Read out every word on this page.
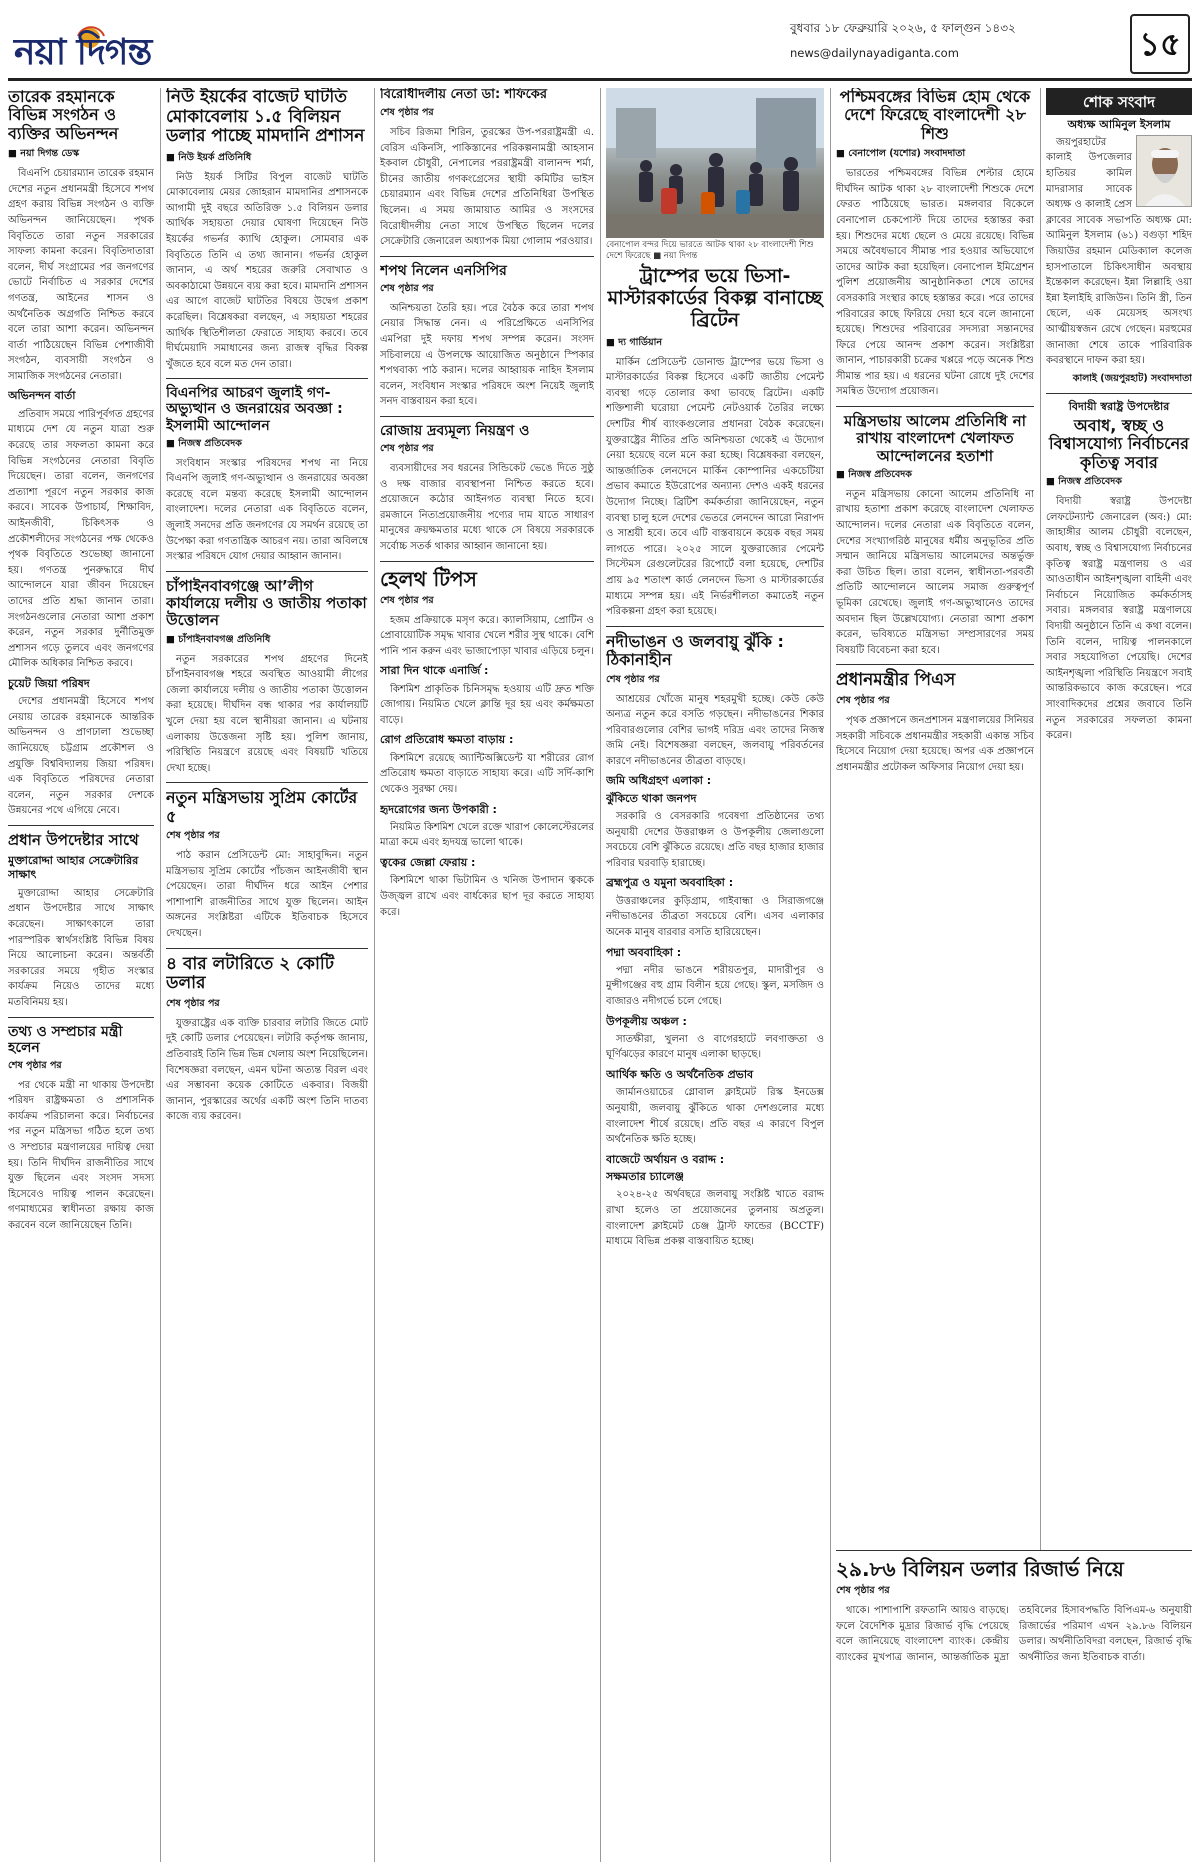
নয়া দিগন্ত
বুধবার ১৮ ফেব্রুয়ারি ২০২৬, ৫ ফাল্গুন ১৪৩২
news@dailynayadiganta.com	১৫
তারেক রহমানকে বিভিন্ন সংগঠন ও ব্যক্তির অভিনন্দন
■ নয়া দিগন্ত ডেস্ক

বিএনপি চেয়ারম্যান তারেক রহমান দেশের নতুন প্রধানমন্ত্রী হিসেবে শপথ গ্রহণ করায় বিভিন্ন সংগঠন ও ব্যক্তি অভিনন্দন জানিয়েছেন। পৃথক বিবৃতিতে তারা নতুন সরকারের সাফল্য কামনা করেন। বিবৃতিদাতারা বলেন, দীর্ঘ সংগ্রামের পর জনগণের ভোটে নির্বাচিত এ সরকার দেশের গণতন্ত্র, আইনের শাসন ও অর্থনৈতিক অগ্রগতি নিশ্চিত করবে বলে তারা আশা করেন। অভিনন্দন বার্তা পাঠিয়েছেন বিভিন্ন পেশাজীবী সংগঠন, ব্যবসায়ী সংগঠন ও সামাজিক সংগঠনের নেতারা।

অভিনন্দন বার্তা

প্রতিবাদ সময়ে পারিপূর্বগত গ্রহণের মাধ্যমে দেশ যে নতুন যাত্রা শুরু করেছে তার সফলতা কামনা করে বিভিন্ন সংগঠনের নেতারা বিবৃতি দিয়েছেন। তারা বলেন, জনগণের প্রত্যাশা পূরণে নতুন সরকার কাজ করবে। সাবেক উপাচার্য, শিক্ষাবিদ, আইনজীবী, চিকিৎসক ও প্রকৌশলীদের সংগঠনের পক্ষ থেকেও পৃথক বিবৃতিতে শুভেচ্ছা জানানো হয়। গণতন্ত্র পুনরুদ্ধারে দীর্ঘ আন্দোলনে যারা জীবন দিয়েছেন তাদের প্রতি শ্রদ্ধা জানান তারা। সংগঠনগুলোর নেতারা আশা প্রকাশ করেন, নতুন সরকার দুর্নীতিমুক্ত প্রশাসন গড়ে তুলবে এবং জনগণের মৌলিক অধিকার নিশ্চিত করবে।

চুয়েট জিয়া পরিষদ

দেশের প্রধানমন্ত্রী হিসেবে শপথ নেয়ায় তারেক রহমানকে আন্তরিক অভিনন্দন ও প্রাণঢালা শুভেচ্ছা জানিয়েছে চট্টগ্রাম প্রকৌশল ও প্রযুক্তি বিশ্ববিদ্যালয় জিয়া পরিষদ। এক বিবৃতিতে পরিষদের নেতারা বলেন, নতুন সরকার দেশকে উন্নয়নের পথে এগিয়ে নেবে।

প্রধান উপদেষ্টার সাথে
মুক্তারোদ্দা আহার সেক্রেটারির সাক্ষাৎ

মুক্তারোদ্দা আহার সেক্রেটারি প্রধান উপদেষ্টার সাথে সাক্ষাৎ করেছেন। সাক্ষাৎকালে তারা পারস্পরিক স্বার্থসংশ্লিষ্ট বিভিন্ন বিষয় নিয়ে আলোচনা করেন। অন্তর্বর্তী সরকারের সময়ে গৃহীত সংস্কার কার্যক্রম নিয়েও তাদের মধ্যে মতবিনিময় হয়।

তথ্য ও সম্প্রচার মন্ত্রী হলেন
শেষ পৃষ্ঠার পর

পর থেকে মন্ত্রী না থাকায় উপদেষ্টা পরিষদ রাষ্ট্রক্ষমতা ও প্রশাসনিক কার্যক্রম পরিচালনা করে। নির্বাচনের পর নতুন মন্ত্রিসভা গঠিত হলে তথ্য ও সম্প্রচার মন্ত্রণালয়ের দায়িত্ব দেয়া হয়। তিনি দীর্ঘদিন রাজনীতির সাথে যুক্ত ছিলেন এবং সংসদ সদস্য হিসেবেও দায়িত্ব পালন করেছেন। গণমাধ্যমের স্বাধীনতা রক্ষায় কাজ করবেন বলে জানিয়েছেন তিনি।

নিউ ইয়র্কের বাজেট ঘাটতি মোকাবেলায় ১.৫ বিলিয়ন ডলার পাচ্ছে মামদানি প্রশাসন
■ নিউ ইয়র্ক প্রতিনিধি

নিউ ইয়র্ক সিটির বিপুল বাজেট ঘাটতি মোকাবেলায় মেয়র জোহরান মামদানির প্রশাসনকে আগামী দুই বছরে অতিরিক্ত ১.৫ বিলিয়ন ডলার আর্থিক সহায়তা দেয়ার ঘোষণা দিয়েছেন নিউ ইয়র্কের গভর্নর ক্যাথি হোকুল। সোমবার এক বিবৃতিতে তিনি এ তথ্য জানান। গভর্নর হোকুল জানান, এ অর্থ শহরের জরুরি সেবাখাত ও অবকাঠামো উন্নয়নে ব্যয় করা হবে। মামদানি প্রশাসন এর আগে বাজেট ঘাটতির বিষয়ে উদ্বেগ প্রকাশ করেছিল। বিশ্লেষকরা বলছেন, এ সহায়তা শহরের আর্থিক স্থিতিশীলতা ফেরাতে সাহায্য করবে। তবে দীর্ঘমেয়াদি সমাধানের জন্য রাজস্ব বৃদ্ধির বিকল্প খুঁজতে হবে বলে মত দেন তারা।

বিএনপির আচরণ জুলাই গণ-অভ্যুত্থান ও জনরায়ের অবজ্ঞা : ইসলামী আন্দোলন
■ নিজস্ব প্রতিবেদক

সংবিধান সংস্কার পরিষদের শপথ না নিয়ে বিএনপি জুলাই গণ-অভ্যুত্থান ও জনরায়ের অবজ্ঞা করেছে বলে মন্তব্য করেছে ইসলামী আন্দোলন বাংলাদেশ। দলের নেতারা এক বিবৃতিতে বলেন, জুলাই সনদের প্রতি জনগণের যে সমর্থন রয়েছে তা উপেক্ষা করা গণতান্ত্রিক আচরণ নয়। তারা অবিলম্বে সংস্কার পরিষদে যোগ দেয়ার আহ্বান জানান।

চাঁপাইনবাবগঞ্জে আ’লীগ কার্যালয়ে দলীয় ও জাতীয় পতাকা উত্তোলন
■ চাঁপাইনবাবগঞ্জ প্রতিনিধি

নতুন সরকারের শপথ গ্রহণের দিনেই চাঁপাইনবাবগঞ্জ শহরে অবস্থিত আওয়ামী লীগের জেলা কার্যালয়ে দলীয় ও জাতীয় পতাকা উত্তোলন করা হয়েছে। দীর্ঘদিন বন্ধ থাকার পর কার্যালয়টি খুলে দেয়া হয় বলে স্থানীয়রা জানান। এ ঘটনায় এলাকায় উত্তেজনা সৃষ্টি হয়। পুলিশ জানায়, পরিস্থিতি নিয়ন্ত্রণে রয়েছে এবং বিষয়টি খতিয়ে দেখা হচ্ছে।

নতুন মন্ত্রিসভায় সুপ্রিম কোর্টের ৫
শেষ পৃষ্ঠার পর

পাঠ করান প্রেসিডেন্ট মো: সাহাবুদ্দিন। নতুন মন্ত্রিসভায় সুপ্রিম কোর্টের পাঁচজন আইনজীবী স্থান পেয়েছেন। তারা দীর্ঘদিন ধরে আইন পেশার পাশাপাশি রাজনীতির সাথে যুক্ত ছিলেন। আইন অঙ্গনের সংশ্লিষ্টরা এটিকে ইতিবাচক হিসেবে দেখছেন।

৪ বার লটারিতে ২ কোটি ডলার
শেষ পৃষ্ঠার পর

যুক্তরাষ্ট্রের এক ব্যক্তি চারবার লটারি জিতে মোট দুই কোটি ডলার পেয়েছেন। লটারি কর্তৃপক্ষ জানায়, প্রতিবারই তিনি ভিন্ন ভিন্ন খেলায় অংশ নিয়েছিলেন। বিশেষজ্ঞরা বলছেন, এমন ঘটনা অত্যন্ত বিরল এবং এর সম্ভাবনা কয়েক কোটিতে একবার। বিজয়ী জানান, পুরস্কারের অর্থের একটি অংশ তিনি দাতব্য কাজে ব্যয় করবেন।

বিরোধীদলীয় নেতা ডা: শফিকের
শেষ পৃষ্ঠার পর

সচিব রিজমা শিরিন, তুরস্কের উপ-পররাষ্ট্রমন্ত্রী এ. বেরিস একিনসি, পাকিস্তানের পরিকল্পনামন্ত্রী আহসান ইকবাল চৌধুরী, নেপালের পররাষ্ট্রমন্ত্রী বালানন্দ শর্মা, চীনের জাতীয় গণকংগ্রেসের স্থায়ী কমিটির ভাইস চেয়ারম্যান এবং বিভিন্ন দেশের প্রতিনিধিরা উপস্থিত ছিলেন। এ সময় জামায়াত আমির ও সংসদের বিরোধীদলীয় নেতা সাথে উপস্থিত ছিলেন দলের সেক্রেটারি জেনারেল অধ্যাপক মিয়া গোলাম পরওয়ার।

শপথ নিলেন এনসিপির
শেষ পৃষ্ঠার পর

অনিশ্চয়তা তৈরি হয়। পরে বৈঠক করে তারা শপথ নেয়ার সিদ্ধান্ত নেন। এ পরিপ্রেক্ষিতে এনসিপির এমপিরা দুই দফায় শপথ সম্পন্ন করেন। সংসদ সচিবালয়ে এ উপলক্ষে আয়োজিত অনুষ্ঠানে স্পিকার শপথবাক্য পাঠ করান। দলের আহ্বায়ক নাহিদ ইসলাম বলেন, সংবিধান সংস্কার পরিষদে অংশ নিয়েই জুলাই সনদ বাস্তবায়ন করা হবে।

রোজায় দ্রব্যমূল্য নিয়ন্ত্রণ ও
শেষ পৃষ্ঠার পর

ব্যবসায়ীদের সব ধরনের সিন্ডিকেট ভেঙে দিতে সুষ্ঠু ও দক্ষ বাজার ব্যবস্থাপনা নিশ্চিত করতে হবে। প্রয়োজনে কঠোর আইনগত ব্যবস্থা নিতে হবে। রমজানে নিত্যপ্রয়োজনীয় পণ্যের দাম যাতে সাধারণ মানুষের ক্রয়ক্ষমতার মধ্যে থাকে সে বিষয়ে সরকারকে সর্বোচ্চ সতর্ক থাকার আহ্বান জানানো হয়।

হেলথ টিপস
শেষ পৃষ্ঠার পর

হজম প্রক্রিয়াকে মসৃণ করে। ক্যালসিয়াম, প্রোটিন ও প্রোবায়োটিক সমৃদ্ধ খাবার খেলে শরীর সুস্থ থাকে। বেশি পানি পান করুন এবং ভাজাপোড়া খাবার এড়িয়ে চলুন।

সারা দিন থাকে এনার্জি :

কিশমিশ প্রাকৃতিক চিনিসমৃদ্ধ হওয়ায় এটি দ্রুত শক্তি জোগায়। নিয়মিত খেলে ক্লান্তি দূর হয় এবং কর্মক্ষমতা বাড়ে।

রোগ প্রতিরোধ ক্ষমতা বাড়ায় :

কিশমিশে রয়েছে অ্যান্টিঅক্সিডেন্ট যা শরীরের রোগ প্রতিরোধ ক্ষমতা বাড়াতে সাহায্য করে। এটি সর্দি-কাশি থেকেও সুরক্ষা দেয়।

হৃদরোগের জন্য উপকারী :

নিয়মিত কিশমিশ খেলে রক্তে খারাপ কোলেস্টেরলের মাত্রা কমে এবং হৃদযন্ত্র ভালো থাকে।

ত্বকের জেল্লা ফেরায় :

কিশমিশে থাকা ভিটামিন ও খনিজ উপাদান ত্বককে উজ্জ্বল রাখে এবং বার্ধক্যের ছাপ দূর করতে সাহায্য করে।

বেনাপোল বন্দর দিয়ে ভারতে আটক থাকা ২৮ বাংলাদেশী শিশু দেশে ফিরেছে ■ নয়া দিগন্ত
ট্রাম্পের ভয়ে ভিসা-মাস্টারকার্ডের বিকল্প বানাচ্ছে ব্রিটেন
■ দ্য গার্ডিয়ান

মার্কিন প্রেসিডেন্ট ডোনাল্ড ট্রাম্পের ভয়ে ভিসা ও মাস্টারকার্ডের বিকল্প হিসেবে একটি জাতীয় পেমেন্ট ব্যবস্থা গড়ে তোলার কথা ভাবছে ব্রিটেন। একটি শক্তিশালী ঘরোয়া পেমেন্ট নেটওয়ার্ক তৈরির লক্ষ্যে দেশটির শীর্ষ ব্যাংকগুলোর প্রধানরা বৈঠক করেছেন। যুক্তরাষ্ট্রের নীতির প্রতি অনিশ্চয়তা থেকেই এ উদ্যোগ নেয়া হয়েছে বলে মনে করা হচ্ছে। বিশ্লেষকরা বলছেন, আন্তর্জাতিক লেনদেনে মার্কিন কোম্পানির একচেটিয়া প্রভাব কমাতে ইউরোপের অন্যান্য দেশও একই ধরনের উদ্যোগ নিচ্ছে। ব্রিটিশ কর্মকর্তারা জানিয়েছেন, নতুন ব্যবস্থা চালু হলে দেশের ভেতরে লেনদেন আরো নিরাপদ ও সাশ্রয়ী হবে। তবে এটি বাস্তবায়নে কয়েক বছর সময় লাগতে পারে। ২০২৫ সালে যুক্তরাজ্যের পেমেন্ট সিস্টেমস রেগুলেটরের রিপোর্টে বলা হয়েছে, দেশটির প্রায় ৯৫ শতাংশ কার্ড লেনদেন ভিসা ও মাস্টারকার্ডের মাধ্যমে সম্পন্ন হয়। এই নির্ভরশীলতা কমাতেই নতুন পরিকল্পনা গ্রহণ করা হয়েছে।

নদীভাঙন ও জলবায়ু ঝুঁকি : ঠিকানাহীন
শেষ পৃষ্ঠার পর

আশ্রয়ের খোঁজে মানুষ শহরমুখী হচ্ছে। কেউ কেউ অন্যত্র নতুন করে বসতি গড়ছেন। নদীভাঙনের শিকার পরিবারগুলোর বেশির ভাগই দরিদ্র এবং তাদের নিজস্ব জমি নেই। বিশেষজ্ঞরা বলছেন, জলবায়ু পরিবর্তনের কারণে নদীভাঙনের তীব্রতা বাড়ছে।

জমি অধিগ্রহণ এলাকা :
ঝুঁকিতে থাকা জনপদ

সরকারি ও বেসরকারি গবেষণা প্রতিষ্ঠানের তথ্য অনুযায়ী দেশের উত্তরাঞ্চল ও উপকূলীয় জেলাগুলো সবচেয়ে বেশি ঝুঁকিতে রয়েছে। প্রতি বছর হাজার হাজার পরিবার ঘরবাড়ি হারাচ্ছে।

ব্রহ্মপুত্র ও যমুনা অববাহিকা :

উত্তরাঞ্চলের কুড়িগ্রাম, গাইবান্ধা ও সিরাজগঞ্জে নদীভাঙনের তীব্রতা সবচেয়ে বেশি। এসব এলাকার অনেক মানুষ বারবার বসতি হারিয়েছেন।

পদ্মা অববাহিকা :

পদ্মা নদীর ভাঙনে শরীয়তপুর, মাদারীপুর ও মুন্সীগঞ্জের বহু গ্রাম বিলীন হয়ে গেছে। স্কুল, মসজিদ ও বাজারও নদীগর্ভে চলে গেছে।

উপকূলীয় অঞ্চল :

সাতক্ষীরা, খুলনা ও বাগেরহাটে লবণাক্ততা ও ঘূর্ণিঝড়ের কারণে মানুষ এলাকা ছাড়ছে।

আর্থিক ক্ষতি ও অর্থনৈতিক প্রভাব

জার্মানওয়াচের গ্লোবাল ক্লাইমেট রিস্ক ইনডেক্স অনুযায়ী, জলবায়ু ঝুঁকিতে থাকা দেশগুলোর মধ্যে বাংলাদেশ শীর্ষে রয়েছে। প্রতি বছর এ কারণে বিপুল অর্থনৈতিক ক্ষতি হচ্ছে।

বাজেটে অর্থায়ন ও বরাদ্দ :
সক্ষমতার চ্যালেঞ্জ

২০২৪-২৫ অর্থবছরে জলবায়ু সংশ্লিষ্ট খাতে বরাদ্দ রাখা হলেও তা প্রয়োজনের তুলনায় অপ্রতুল। বাংলাদেশ ক্লাইমেট চেঞ্জ ট্রাস্ট ফান্ডের (BCCTF) মাধ্যমে বিভিন্ন প্রকল্প বাস্তবায়িত হচ্ছে।

পশ্চিমবঙ্গের বিভিন্ন হোম থেকে দেশে ফিরেছে বাংলাদেশী ২৮ শিশু
■ বেনাপোল (যশোর) সংবাদদাতা

ভারতের পশ্চিমবঙ্গের বিভিন্ন শেল্টার হোমে দীর্ঘদিন আটক থাকা ২৮ বাংলাদেশী শিশুকে দেশে ফেরত পাঠিয়েছে ভারত। মঙ্গলবার বিকেলে বেনাপোল চেকপোস্ট দিয়ে তাদের হস্তান্তর করা হয়। শিশুদের মধ্যে ছেলে ও মেয়ে রয়েছে। বিভিন্ন সময়ে অবৈধভাবে সীমান্ত পার হওয়ার অভিযোগে তাদের আটক করা হয়েছিল। বেনাপোল ইমিগ্রেশন পুলিশ প্রয়োজনীয় আনুষ্ঠানিকতা শেষে তাদের বেসরকারি সংস্থার কাছে হস্তান্তর করে। পরে তাদের পরিবারের কাছে ফিরিয়ে দেয়া হবে বলে জানানো হয়েছে। শিশুদের পরিবারের সদস্যরা সন্তানদের ফিরে পেয়ে আনন্দ প্রকাশ করেন। সংশ্লিষ্টরা জানান, পাচারকারী চক্রের খপ্পরে পড়ে অনেক শিশু সীমান্ত পার হয়। এ ধরনের ঘটনা রোধে দুই দেশের সমন্বিত উদ্যোগ প্রয়োজন।

মন্ত্রিসভায় আলেম প্রতিনিধি না রাখায় বাংলাদেশ খেলাফত আন্দোলনের হতাশা
■ নিজস্ব প্রতিবেদক

নতুন মন্ত্রিসভায় কোনো আলেম প্রতিনিধি না রাখায় হতাশা প্রকাশ করেছে বাংলাদেশ খেলাফত আন্দোলন। দলের নেতারা এক বিবৃতিতে বলেন, দেশের সংখ্যাগরিষ্ঠ মানুষের ধর্মীয় অনুভূতির প্রতি সম্মান জানিয়ে মন্ত্রিসভায় আলেমদের অন্তর্ভুক্ত করা উচিত ছিল। তারা বলেন, স্বাধীনতা-পরবর্তী প্রতিটি আন্দোলনে আলেম সমাজ গুরুত্বপূর্ণ ভূমিকা রেখেছে। জুলাই গণ-অভ্যুত্থানেও তাদের অবদান ছিল উল্লেখযোগ্য। নেতারা আশা প্রকাশ করেন, ভবিষ্যতে মন্ত্রিসভা সম্প্রসারণের সময় বিষয়টি বিবেচনা করা হবে।

প্রধানমন্ত্রীর পিএস
শেষ পৃষ্ঠার পর

পৃথক প্রজ্ঞাপনে জনপ্রশাসন মন্ত্রণালয়ের সিনিয়র সহকারী সচিবকে প্রধানমন্ত্রীর সহকারী একান্ত সচিব হিসেবে নিয়োগ দেয়া হয়েছে। অপর এক প্রজ্ঞাপনে প্রধানমন্ত্রীর প্রটোকল অফিসার নিয়োগ দেয়া হয়।

শোক সংবাদ
অধ্যক্ষ আমিনুল ইসলাম

জয়পুরহাটের কালাই উপজেলার হাতিয়র কামিল মাদরাসার সাবেক অধ্যক্ষ ও কালাই প্রেস ক্লাবের সাবেক সভাপতি অধ্যক্ষ মো: আমিনুল ইসলাম (৬১) বগুড়া শহিদ জিয়াউর রহমান মেডিক্যাল কলেজ হাসপাতালে চিকিৎসাধীন অবস্থায় ইন্তেকাল করেছেন। ইন্না লিল্লাহি ওয়া ইন্না ইলাইহি রাজিউন। তিনি স্ত্রী, তিন ছেলে, এক মেয়েসহ অসংখ্য আত্মীয়স্বজন রেখে গেছেন। মরহুমের জানাজা শেষে তাকে পারিবারিক কবরস্থানে দাফন করা হয়।

কালাই (জয়পুরহাট) সংবাদদাতা
বিদায়ী স্বরাষ্ট্র উপদেষ্টার
অবাধ, স্বচ্ছ ও বিশ্বাসযোগ্য নির্বাচনের কৃতিত্ব সবার
■ নিজস্ব প্রতিবেদক

বিদায়ী স্বরাষ্ট্র উপদেষ্টা লেফটেন্যান্ট জেনারেল (অব:) মো: জাহাঙ্গীর আলম চৌধুরী বলেছেন, অবাধ, স্বচ্ছ ও বিশ্বাসযোগ্য নির্বাচনের কৃতিত্ব স্বরাষ্ট্র মন্ত্রণালয় ও এর আওতাধীন আইনশৃঙ্খলা বাহিনী এবং নির্বাচনে নিয়োজিত কর্মকর্তাসহ সবার। মঙ্গলবার স্বরাষ্ট্র মন্ত্রণালয়ে বিদায়ী অনুষ্ঠানে তিনি এ কথা বলেন। তিনি বলেন, দায়িত্ব পালনকালে সবার সহযোগিতা পেয়েছি। দেশের আইনশৃঙ্খলা পরিস্থিতি নিয়ন্ত্রণে সবাই আন্তরিকভাবে কাজ করেছেন। পরে সাংবাদিকদের প্রশ্নের জবাবে তিনি নতুন সরকারের সফলতা কামনা করেন।

২৯.৮৬ বিলিয়ন ডলার রিজার্ভ নিয়ে
শেষ পৃষ্ঠার পর

থাকে। পাশাপাশি রফতানি আয়ও বাড়ছে। ফলে বৈদেশিক মুদ্রার রিজার্ভ বৃদ্ধি পেয়েছে বলে জানিয়েছে বাংলাদেশ ব্যাংক। কেন্দ্রীয় ব্যাংকের মুখপাত্র জানান, আন্তর্জাতিক মুদ্রা তহবিলের হিসাবপদ্ধতি বিপিএম-৬ অনুযায়ী রিজার্ভের পরিমাণ এখন ২৯.৮৬ বিলিয়ন ডলার। অর্থনীতিবিদরা বলছেন, রিজার্ভ বৃদ্ধি অর্থনীতির জন্য ইতিবাচক বার্তা।
